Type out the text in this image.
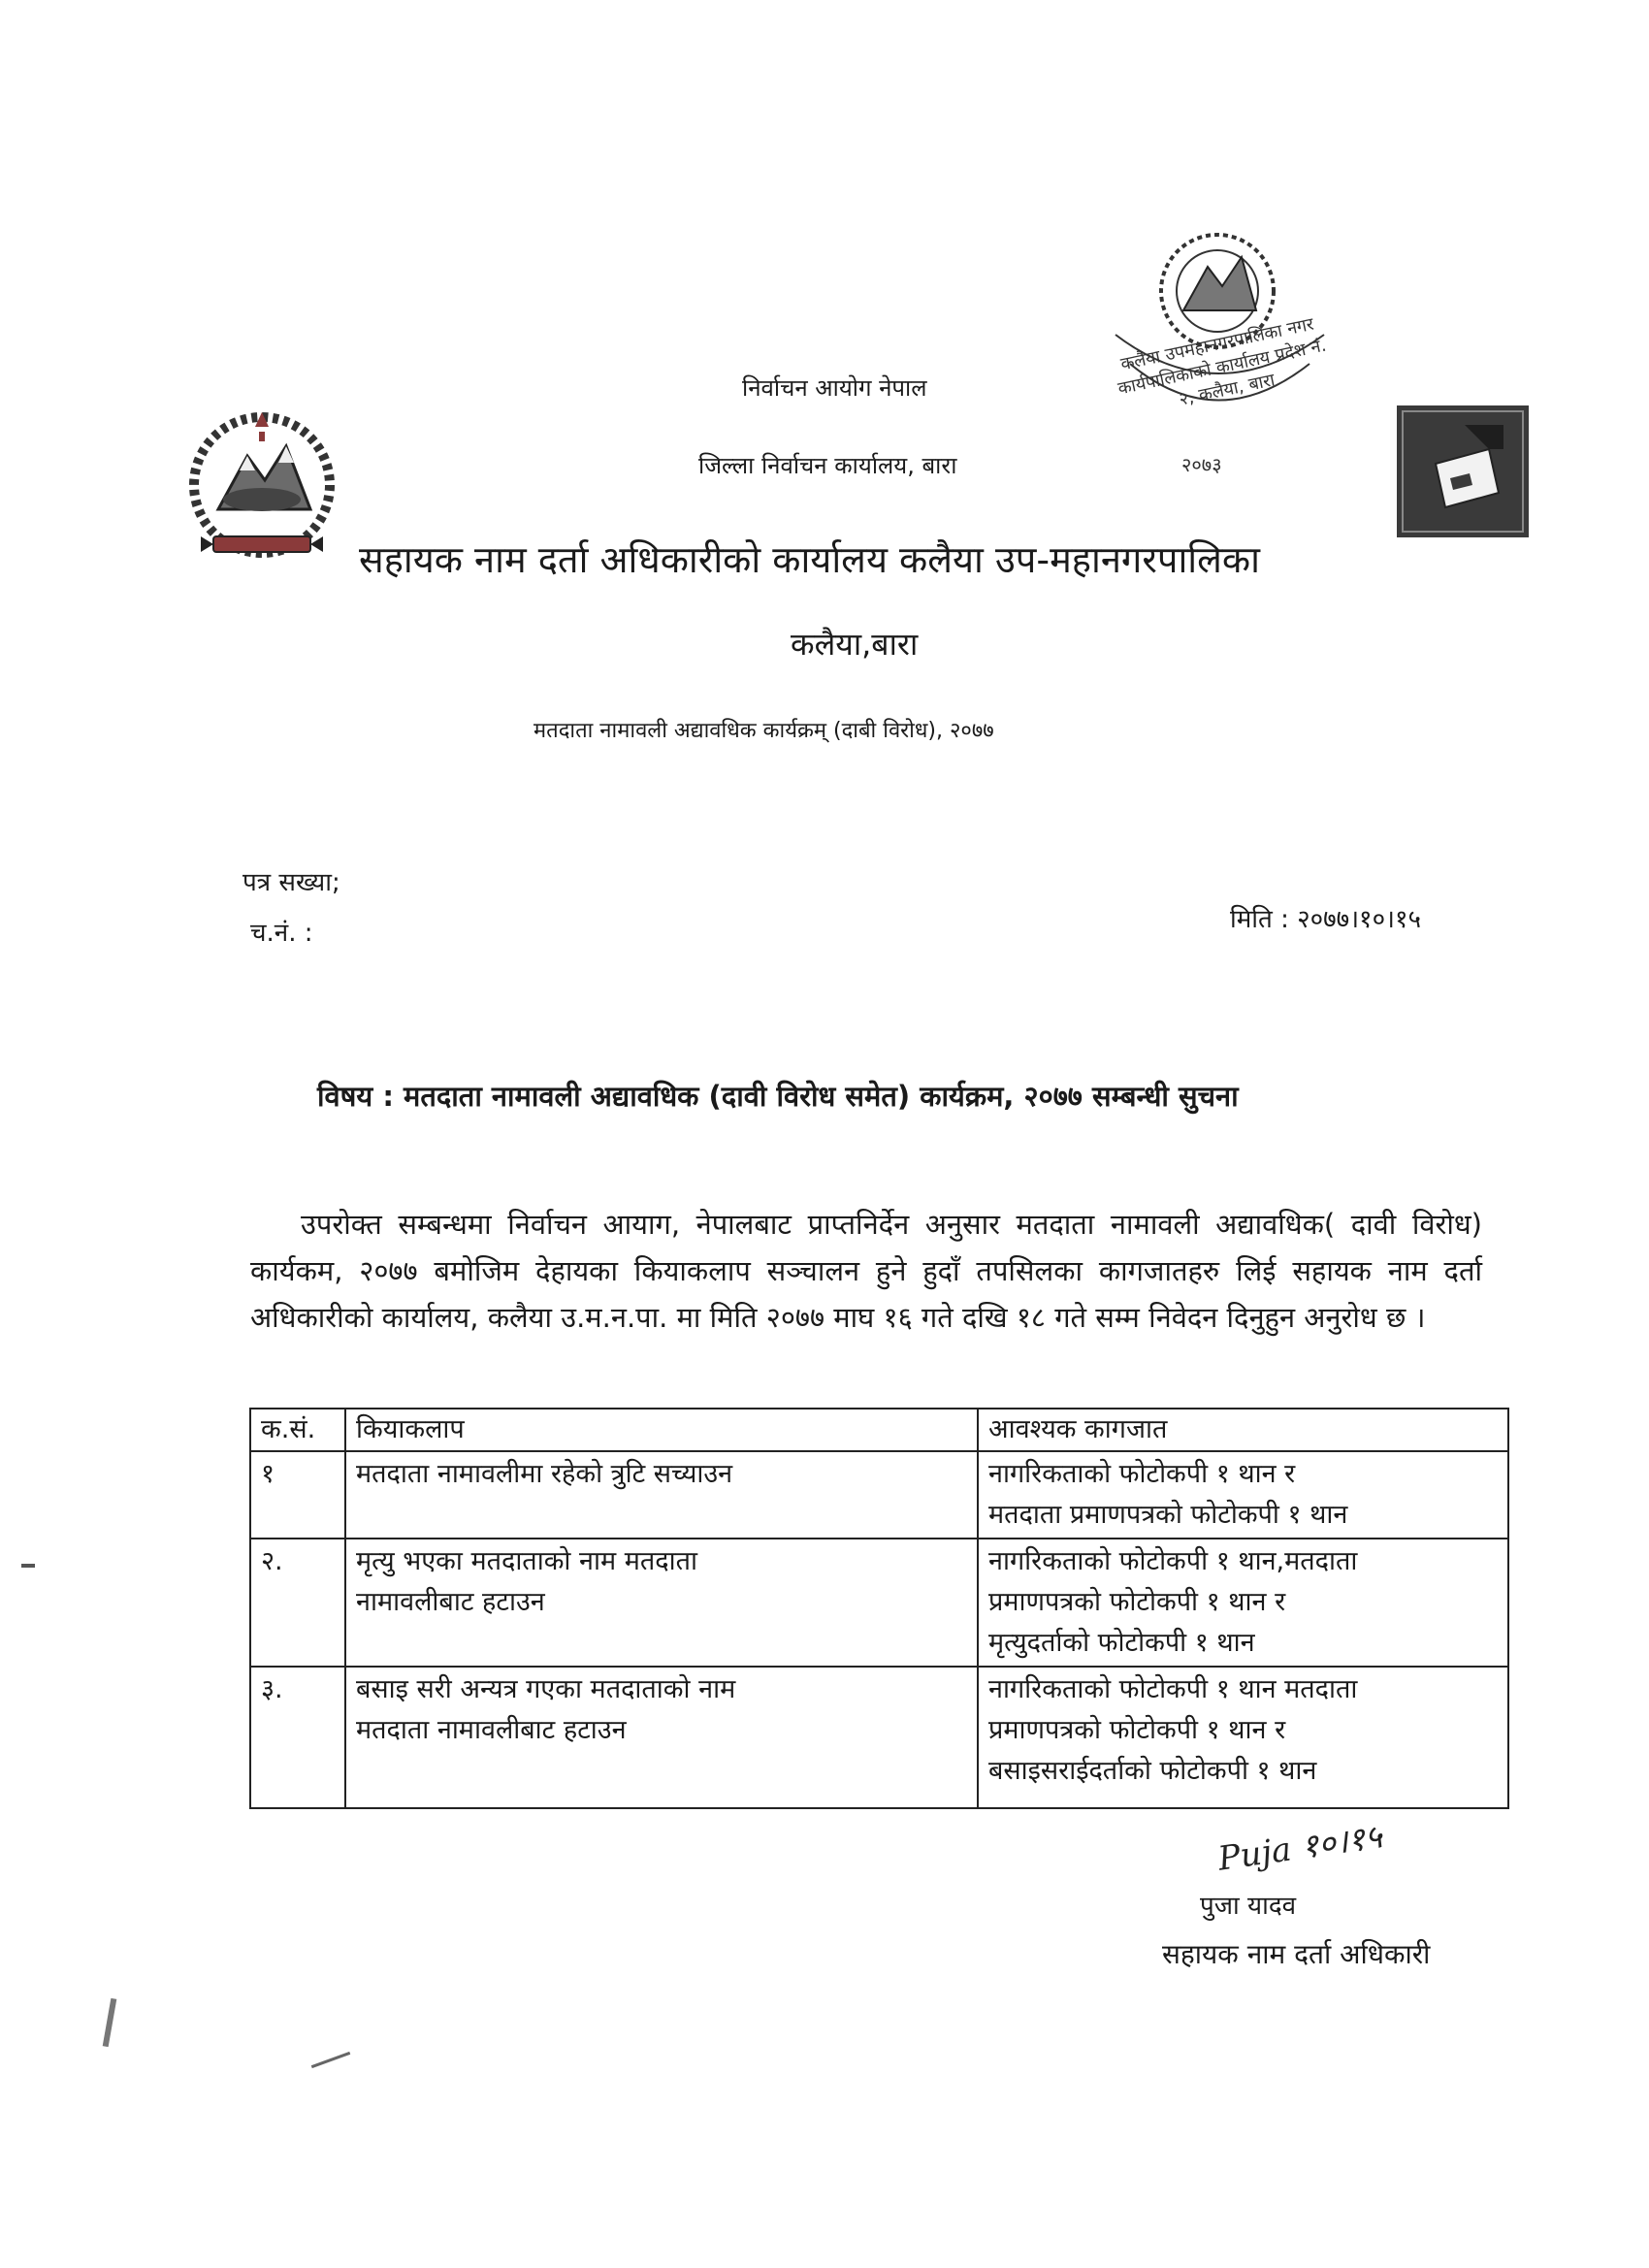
निर्वाचन आयोग नेपाल
जिल्ला निर्वाचन कार्यालय, बारा
कलैया उपमहानगरपालिका नगर कार्यपालिकाको कार्यालय प्रदेश नं. २, कलैया, बारा
२०७३
सहायक नाम दर्ता अधिकारीको कार्यालय कलैया उप-महानगरपालिका
कलैया,बारा
मतदाता नामावली अद्यावधिक कार्यक्रम् (दाबी विरोध), २०७७
पत्र सख्या;
च.नं. :	मिति : २०७७।१०।१५
विषय : मतदाता नामावली अद्यावधिक (दावी विरोध समेत) कार्यक्रम, २०७७ सम्बन्धी सुचना
उपरोक्त सम्बन्धमा निर्वाचन आयाग, नेपालबाट प्राप्तनिर्देन अनुसार मतदाता नामावली अद्यावधिक( दावी विरोध) कार्यकम, २०७७ बमोजिम देहायका कियाकलाप सञ्चालन हुने हुदाँ तपसिलका कागजातहरु लिई सहायक नाम दर्ता अधिकारीको कार्यालय, कलैया उ.म.न.पा. मा मिति २०७७ माघ १६ गते दखि १८ गते सम्म निवेदन दिनुहुन अनुरोध छ ।
क.सं.	कियाकलाप	आवश्यक कागजात
१	मतदाता नामावलीमा रहेको त्रुटि सच्याउन	नागरिकताको फोटोकपी १ थान र
मतदाता प्रमाणपत्रको फोटोकपी १ थान

२.	मृत्यु भएका मतदाताको नाम मतदाता
नामावलीबाट हटाउन	नागरिकताको फोटोकपी १ थान,मतदाता
प्रमाणपत्रको फोटोकपी १ थान र
मृत्युदर्ताको फोटोकपी १ थान

३.	बसाइ सरी अन्यत्र गएका मतदाताको नाम
मतदाता नामावलीबाट हटाउन	नागरिकताको फोटोकपी १ थान मतदाता
प्रमाणपत्रको फोटोकपी १ थान र
बसाइसराईदर्ताको फोटोकपी १ थान
Puja १०।१५
पुजा यादव
सहायक नाम दर्ता अधिकारी
